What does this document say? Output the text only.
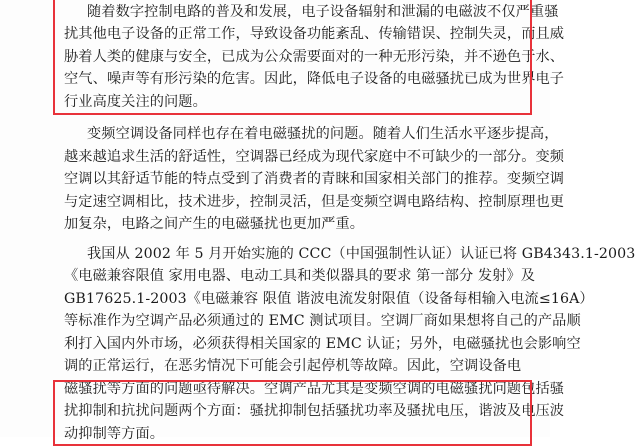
随着数字控制电路的普及和发展，电子设备辐射和泄漏的电磁波不仅严重骚
扰其他电子设备的正常工作，导致设备功能紊乱、传输错误、控制失灵，而且威
胁着人类的健康与安全，已成为公众需要面对的一种无形污染，并不逊色于水、
空气、噪声等有形污染的危害。因此，降低电子设备的电磁骚扰已成为世界电子
行业高度关注的问题。
变频空调设备同样也存在着电磁骚扰的问题。随着人们生活水平逐步提高，
越来越追求生活的舒适性，空调器已经成为现代家庭中不可缺少的一部分。变频
空调以其舒适节能的特点受到了消费者的青睐和国家相关部门的推荐。变频空调
与定速空调相比，技术进步，控制灵活，但是变频空调电路结构、控制原理也更
加复杂，电路之间产生的电磁骚扰也更加严重。
我国从 2002 年 5 月开始实施的 CCC（中国强制性认证）认证已将 GB4343.1-2003
《电磁兼容限值 家用电器、电动工具和类似器具的要求 第一部分 发射》及
GB17625.1-2003《电磁兼容 限值 谐波电流发射限值（设备每相输入电流≤16A）
等标准作为空调产品必须通过的 EMC 测试项目。空调厂商如果想将自己的产品顺
利打入国内外市场，必须获得相关国家的 EMC 认证；另外，电磁骚扰也会影响空
调的正常运行，在恶劣情况下可能会引起停机等故障。因此，空调设备电
磁骚扰等方面的问题亟待解决。空调产品尤其是变频空调的电磁骚扰问题包括骚
扰抑制和抗扰问题两个方面：骚扰抑制包括骚扰功率及骚扰电压，谐波及电压波
动抑制等方面。
